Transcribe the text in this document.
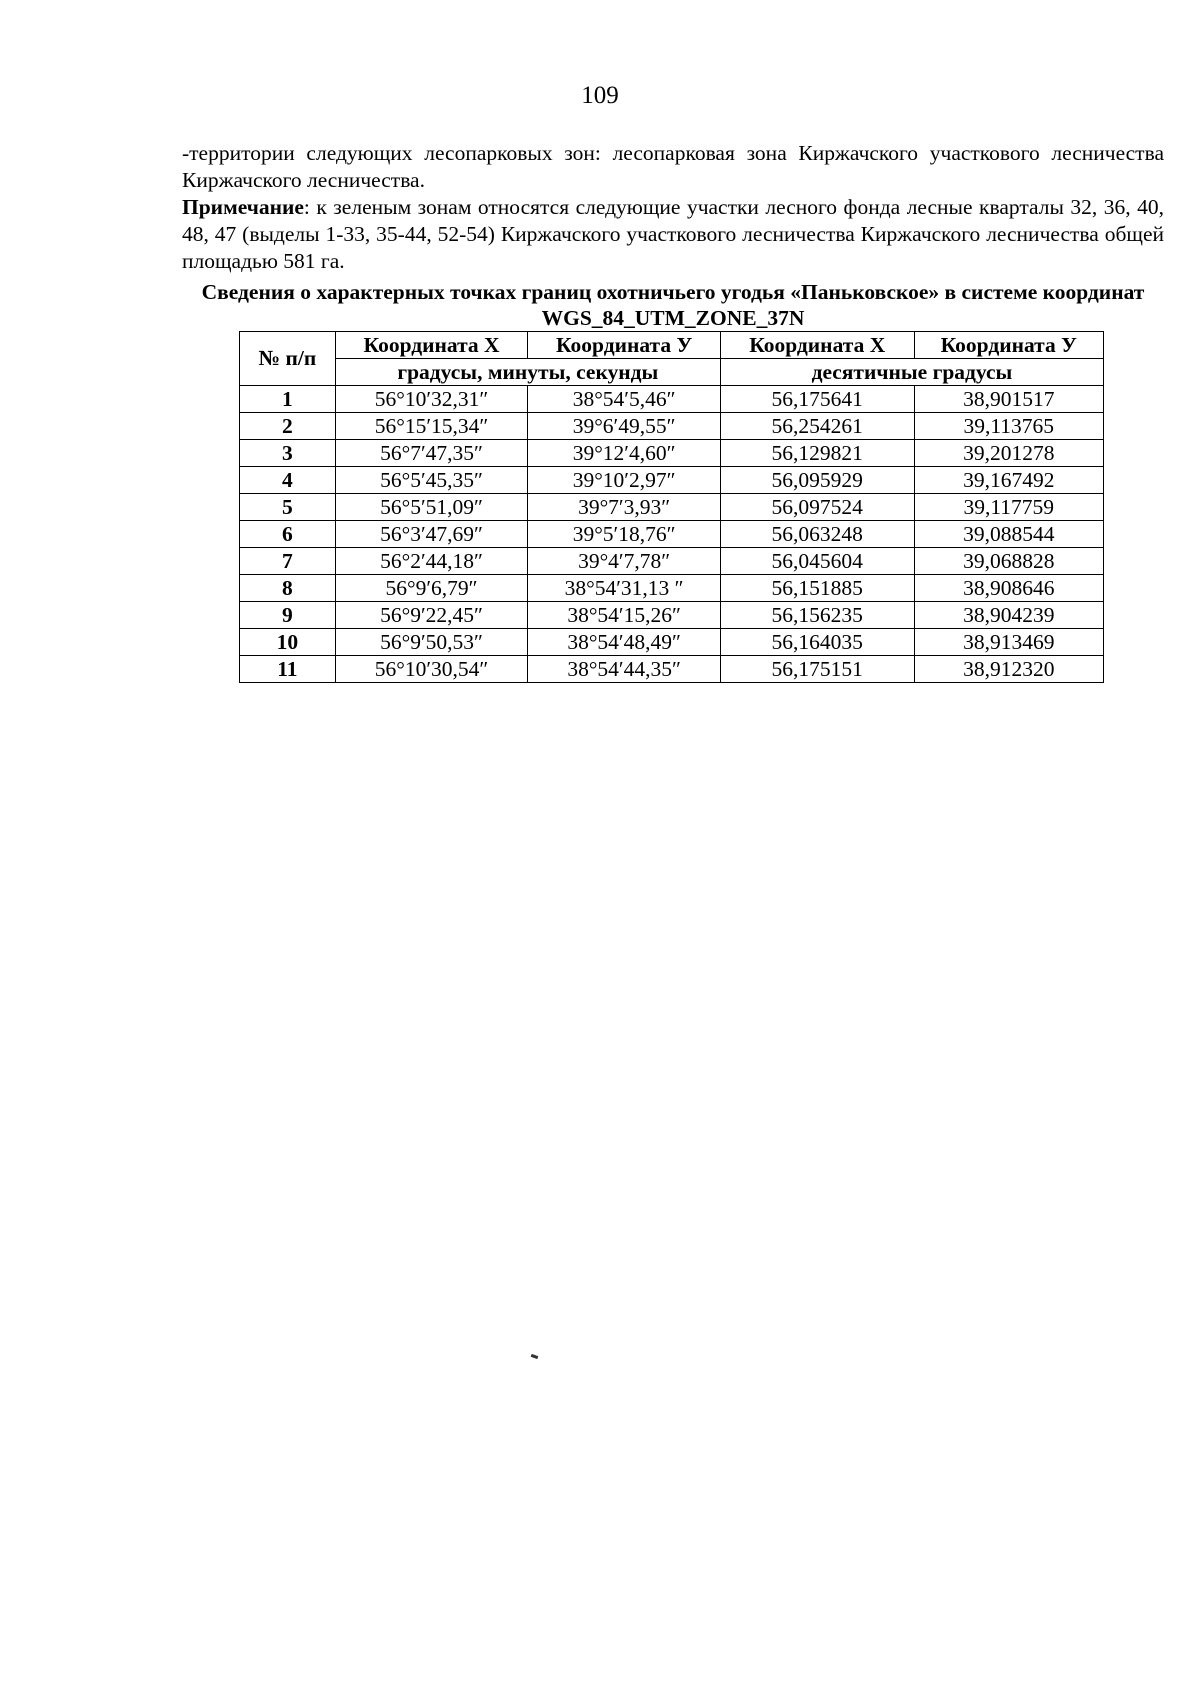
109

-территории следующих лесопарковых зон: лесопарковая зона Киржачского участкового лесничества Киржачского лесничества.

Примечание: к зеленым зонам относятся следующие участки лесного фонда лесные кварталы 32, 36, 40, 48, 47 (выделы 1-33, 35-44, 52-54) Киржачского участкового лесничества Киржачского лесничества общей площадью 581 га.

Сведения о характерных точках границ охотничьего угодья «Паньковское» в системе координат WGS_84_UTM_ZONE_37N

№ п/п	Координата X	Координата У	Координата X	Координата У
	градусы, минуты, секунды		десятичные градусы	
1	56°10′32,31″	38°54′5,46″	56,175641	38,901517
2	56°15′15,34″	39°6′49,55″	56,254261	39,113765
3	56°7′47,35″	39°12′4,60″	56,129821	39,201278
4	56°5′45,35″	39°10′2,97″	56,095929	39,167492
5	56°5′51,09″	39°7′3,93″	56,097524	39,117759
6	56°3′47,69″	39°5′18,76″	56,063248	39,088544
7	56°2′44,18″	39°4′7,78″	56,045604	39,068828
8	56°9′6,79″	38°54′31,13 ″	56,151885	38,908646
9	56°9′22,45″	38°54′15,26″	56,156235	38,904239
10	56°9′50,53″	38°54′48,49″	56,164035	38,913469
11	56°10′30,54″	38°54′44,35″	56,175151	38,912320
